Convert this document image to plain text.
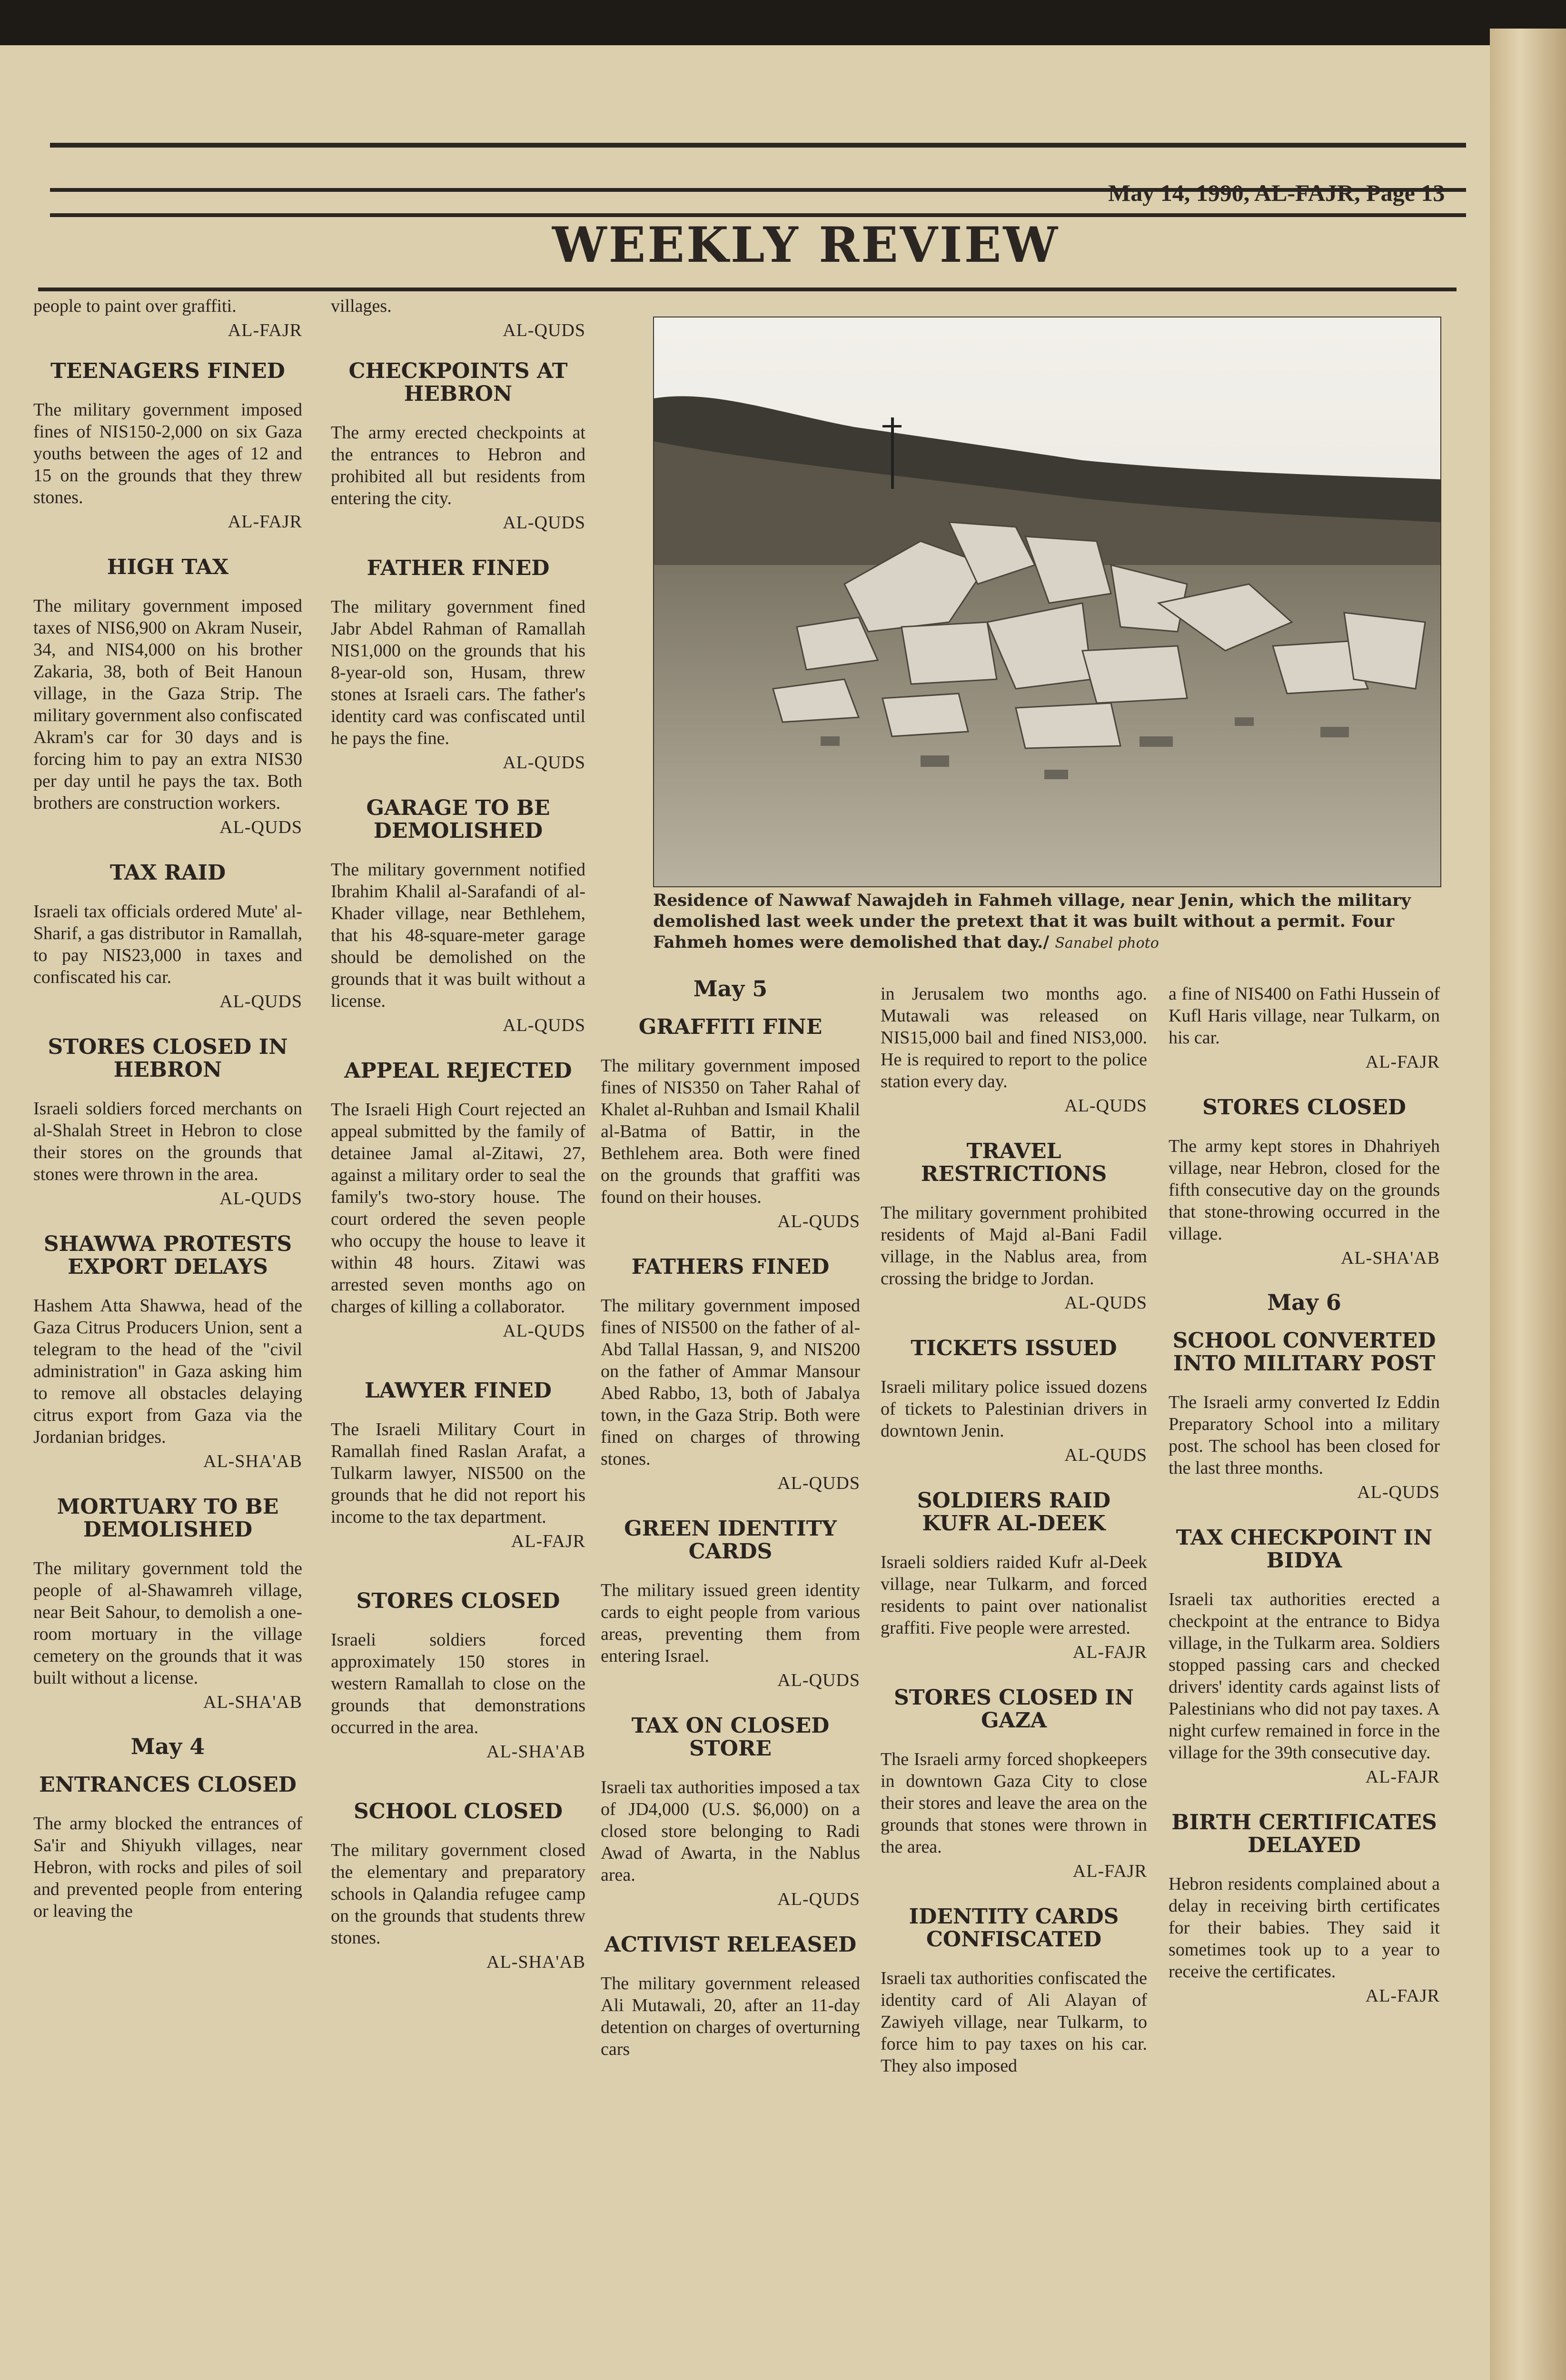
May 14, 1990, AL-FAJR, Page 13
WEEKLY REVIEW
Residence of Nawwaf Nawajdeh in Fahmeh village, near Jenin, which the military demolished last week under the pretext that it was built without a permit. Four Fahmeh homes were demolished that day./ Sanabel photo

people to paint over graffiti.

AL-FAJR

TEENAGERS FINED

The military government imposed fines of NIS150-2,000 on six Gaza youths between the ages of 12 and 15 on the grounds that they threw stones.

AL-FAJR

HIGH TAX

The military government imposed taxes of NIS6,900 on Akram Nuseir, 34, and NIS4,000 on his brother Zakaria, 38, both of Beit Hanoun village, in the Gaza Strip. The military government also confiscated Akram's car for 30 days and is forcing him to pay an extra NIS30 per day until he pays the tax. Both brothers are construction workers.

AL-QUDS

TAX RAID

Israeli tax officials ordered Mute' al-Sharif, a gas distributor in Ramallah, to pay NIS23,000 in taxes and confiscated his car.

AL-QUDS

STORES CLOSED IN HEBRON

Israeli soldiers forced merchants on al-Shalah Street in Hebron to close their stores on the grounds that stones were thrown in the area.

AL-QUDS

SHAWWA PROTESTS EXPORT DELAYS

Hashem Atta Shawwa, head of the Gaza Citrus Producers Union, sent a telegram to the head of the "civil administration" in Gaza asking him to remove all obstacles delaying citrus export from Gaza via the Jordanian bridges.

AL-SHA'AB

MORTUARY TO BE DEMOLISHED

The military government told the people of al-Shawamreh village, near Beit Sahour, to demolish a one-room mortuary in the village cemetery on the grounds that it was built without a license.

AL-SHA'AB

May 4
ENTRANCES CLOSED

The army blocked the entrances of Sa'ir and Shiyukh villages, near Hebron, with rocks and piles of soil and prevented people from entering or leaving the

villages.

AL-QUDS

CHECKPOINTS AT HEBRON

The army erected checkpoints at the entrances to Hebron and prohibited all but residents from entering the city.

AL-QUDS

FATHER FINED

The military government fined Jabr Abdel Rahman of Ramallah NIS1,000 on the grounds that his 8-year-old son, Husam, threw stones at Israeli cars. The father's identity card was confiscated until he pays the fine.

AL-QUDS

GARAGE TO BE DEMOLISHED

The military government notified Ibrahim Khalil al-Sarafandi of al-Khader village, near Bethlehem, that his 48-square-meter garage should be demolished on the grounds that it was built without a license.

AL-QUDS

APPEAL REJECTED

The Israeli High Court rejected an appeal submitted by the family of detainee Jamal al-Zitawi, 27, against a military order to seal the family's two-story house. The court ordered the seven people who occupy the house to leave it within 48 hours. Zitawi was arrested seven months ago on charges of killing a collaborator.

AL-QUDS

LAWYER FINED

The Israeli Military Court in Ramallah fined Raslan Arafat, a Tulkarm lawyer, NIS500 on the grounds that he did not report his income to the tax department.

AL-FAJR

STORES CLOSED

Israeli soldiers forced approximately 150 stores in western Ramallah to close on the grounds that demonstrations occurred in the area.

AL-SHA'AB

SCHOOL CLOSED

The military government closed the elementary and preparatory schools in Qalandia refugee camp on the grounds that students threw stones.

AL-SHA'AB

May 5
GRAFFITI FINE

The military government imposed fines of NIS350 on Taher Rahal of Khalet al-Ruhban and Ismail Khalil al-Batma of Battir, in the Bethlehem area. Both were fined on the grounds that graffiti was found on their houses.

AL-QUDS

FATHERS FINED

The military government imposed fines of NIS500 on the father of al-Abd Tallal Hassan, 9, and NIS200 on the father of Ammar Mansour Abed Rabbo, 13, both of Jabalya town, in the Gaza Strip. Both were fined on charges of throwing stones.

AL-QUDS

GREEN IDENTITY CARDS

The military issued green identity cards to eight people from various areas, preventing them from entering Israel.

AL-QUDS

TAX ON CLOSED STORE

Israeli tax authorities imposed a tax of JD4,000 (U.S. $6,000) on a closed store belonging to Radi Awad of Awarta, in the Nablus area.

AL-QUDS

ACTIVIST RELEASED

The military government released Ali Mutawali, 20, after an 11-day detention on charges of overturning cars

in Jerusalem two months ago. Mutawali was released on NIS15,000 bail and fined NIS3,000. He is required to report to the police station every day.

AL-QUDS

TRAVEL RESTRICTIONS

The military government prohibited residents of Majd al-Bani Fadil village, in the Nablus area, from crossing the bridge to Jordan.

AL-QUDS

TICKETS ISSUED

Israeli military police issued dozens of tickets to Palestinian drivers in downtown Jenin.

AL-QUDS

SOLDIERS RAID KUFR AL-DEEK

Israeli soldiers raided Kufr al-Deek village, near Tulkarm, and forced residents to paint over nationalist graffiti. Five people were arrested.

AL-FAJR

STORES CLOSED IN GAZA

The Israeli army forced shopkeepers in downtown Gaza City to close their stores and leave the area on the grounds that stones were thrown in the area.

AL-FAJR

IDENTITY CARDS CONFISCATED

Israeli tax authorities confiscated the identity card of Ali Alayan of Zawiyeh village, near Tulkarm, to force him to pay taxes on his car. They also imposed

a fine of NIS400 on Fathi Hussein of Kufl Haris village, near Tulkarm, on his car.

AL-FAJR

STORES CLOSED

The army kept stores in Dhahriyeh village, near Hebron, closed for the fifth consecutive day on the grounds that stone-throwing occurred in the village.

AL-SHA'AB

May 6
SCHOOL CONVERTED INTO MILITARY POST

The Israeli army converted Iz Eddin Preparatory School into a military post. The school has been closed for the last three months.

AL-QUDS

TAX CHECKPOINT IN BIDYA

Israeli tax authorities erected a checkpoint at the entrance to Bidya village, in the Tulkarm area. Soldiers stopped passing cars and checked drivers' identity cards against lists of Palestinians who did not pay taxes. A night curfew remained in force in the village for the 39th consecutive day.

AL-FAJR

BIRTH CERTIFICATES DELAYED

Hebron residents complained about a delay in receiving birth certificates for their babies. They said it sometimes took up to a year to receive the certificates.

AL-FAJR
